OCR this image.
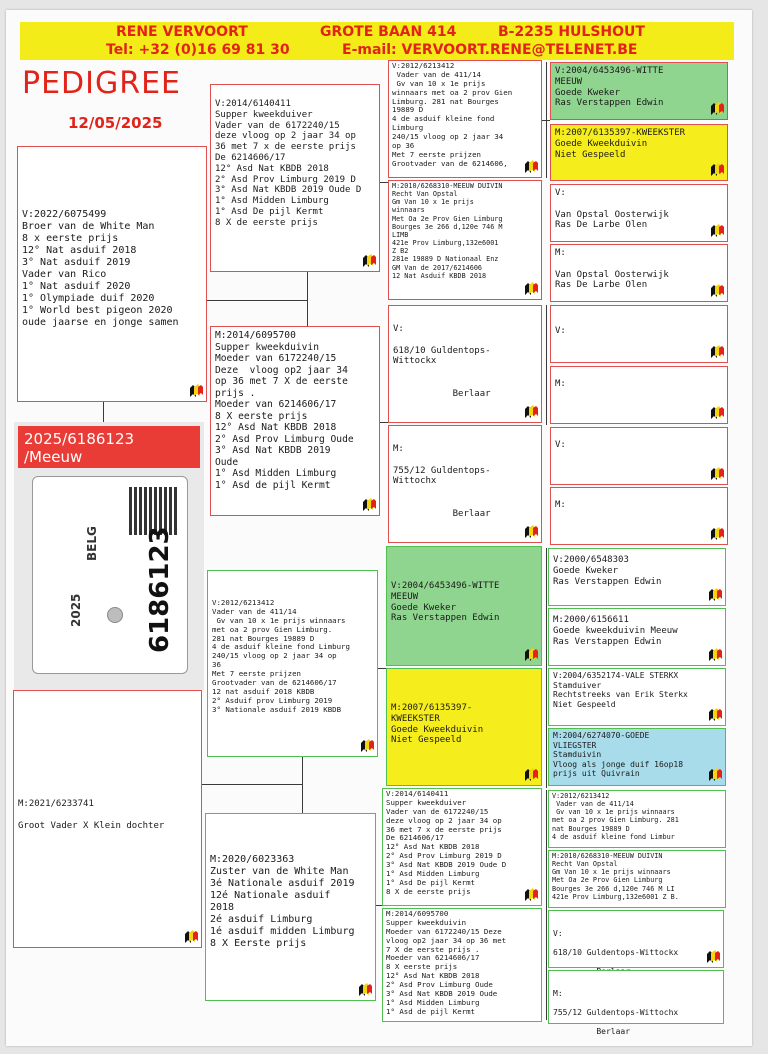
RENE VERVOORT	GROTE BAAN 414	B-2235 HULSHOUT
Tel: +32 (0)16 69 81 30	E-mail: VERVOORT.RENE@TELENET.BE
PEDIGREE
12/05/2025
2025/6186123
/Meeuw
2025
BELG 6186123
V:2022/6075499
Broer van de White Man
8 x eerste prijs
12° Nat asduif 2018
3° Nat asduif 2019
Vader van Rico
1° Nat asduif 2020
1° Olympiade duif 2020
1° World best pigeon 2020
oude jaarse en jonge samen
M:2021/6233741

Groot Vader X Klein dochter
V:2014/6140411
Supper kweekduiver
Vader van de 6172240/15
deze vloog op 2 jaar 34 op
36 met 7 x de eerste prijs
De 6214606/17
12° Asd Nat KBDB 2018
2° Asd Prov Limburg 2019 D
3° Asd Nat KBDB 2019 Oude D
1° Asd Midden Limburg
1° Asd De pijl Kermt
8 X de eerste prijs
M:2014/6095700
Supper kweekduivin
Moeder van 6172240/15
Deze  vloog op2 jaar 34
op 36 met 7 X de eerste
prijs .
Moeder van 6214606/17
8 X eerste prijs
12° Asd Nat KBDB 2018
2° Asd Prov Limburg Oude
3° Asd Nat KBDB 2019
Oude
1° Asd Midden Limburg
1° Asd de pijl Kermt
V:2012/6213412
Vader van de 411/14
Gv van 10 x 1e prijs winnaars
met oa 2 prov Gien Limburg.
281 nat Bourges 19889 D
4 de asduif kleine fond Limburg
240/15 vloog op 2 jaar 34 op
36
Met 7 eerste prijzen
Grootvader van de 6214606/17
12 nat asduif 2018 KBDB
2° Asduif prov Limburg 2019
3° Nationale asduif 2019 KBDB
M:2020/6023363
Zuster van de White Man
3é Nationale asduif 2019
12é Nationale asduif
2018
2é asduif Limburg
1é asduif midden Limburg
8 X Eerste prijs
V:2012/6213412
Vader van de 411/14
Gv van 10 x 1e prijs
winnaars met oa 2 prov Gien
Limburg. 281 nat Bourges
19889 D
4 de asduif kleine fond
Limburg
240/15 vloog op 2 jaar 34
op 36
Met 7 eerste prijzen
Grootvader van de 6214606,
M:2010/6268310-MEEUW DUIVIN
Recht Van Opstal
Gm Van 10 x 1e prijs
winnaars
Met Oa 2e Prov Gien Limburg
Bourges 3e 266 d,120e 746 M
LIMB
421e Prov Limburg,132e6001
Z B2
281e 19889 D Nationaal Enz
GM Van de 2017/6214606
12 Nat Asduif KBDB 2018
V:

618/10 Guldentops-
Wittockx

Berlaar
M:

755/12 Guldentops-
Wittochx

Berlaar
V:2004/6453496-WITTE
MEEUW
Goede Kweker
Ras Verstappen Edwin
M:2007/6135397-
KWEEKSTER
Goede Kweekduivin
Niet Gespeeld
V:2014/6140411
Supper kweekduiver
Vader van de 6172240/15
deze vloog op 2 jaar 34 op
36 met 7 x de eerste prijs
De 6214606/17
12° Asd Nat KBDB 2018
2° Asd Prov Limburg 2019 D
3° Asd Nat KBDB 2019 Oude D
1° Asd Midden Limburg
1° Asd De pijl Kermt
8 X de eerste prijs
M:2014/6095700
Supper kweekduivin
Moeder van 6172240/15 Deze
vloog op2 jaar 34 op 36 met
7 X de eerste prijs .
Moeder van 6214606/17
8 X eerste prijs
12° Asd Nat KBDB 2018
2° Asd Prov Limburg Oude
3° Asd Nat KBDB 2019 Oude
1° Asd Midden Limburg
1° Asd de pijl Kermt
V:2004/6453496-WITTE
MEEUW
Goede Kweker
Ras Verstappen Edwin
M:2007/6135397-KWEEKSTER
Goede Kweekduivin
Niet Gespeeld
V:

Van Opstal Oosterwijk
Ras De Larbe Olen
M:

Van Opstal Oosterwijk
Ras De Larbe Olen
V:
M:
V:
M:
V:2000/6548303
Goede Kweker
Ras Verstappen Edwin
M:2000/6156611
Goede kweekduivin Meeuw
Ras Verstappen Edwin
V:2004/6352174-VALE STERKX
Stamduiver
Rechtstreeks van Erik Sterkx
Niet Gespeeld
M:2004/6274070-GOEDE
VLIEGSTER
Stamduivin
Vloog als jonge duif 16op18
prijs uit Quivrain
V:2012/6213412
Vader van de 411/14
Gv van 10 x 1e prijs winnaars
met oa 2 prov Gien Limburg. 281
nat Bourges 19889 D
4 de asduif kleine fond Limbur
M:2010/6268310-MEEUW DUIVIN
Recht Van Opstal
Gm Van 10 x 1e prijs winnaars
Met Oa 2e Prov Gien Limburg
Bourges 3e 266 d,120e 746 M LI
421e Prov Limburg,132e6001 Z B.
V:

618/10 Guldentops-Wittockx

M:

755/12 Guldentops-Wittochx

Berlaar
